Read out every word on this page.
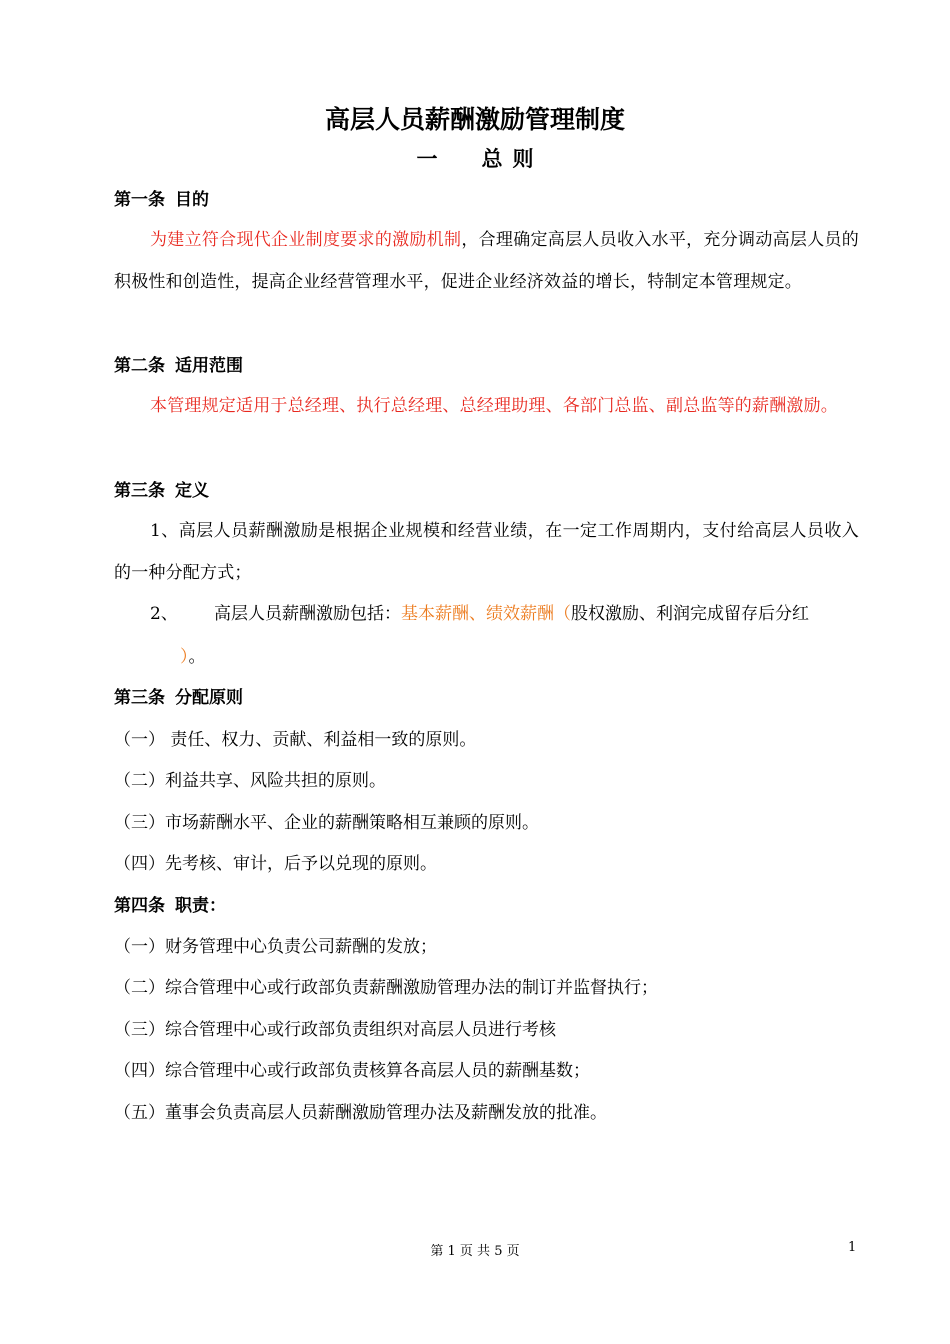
高层人员薪酬激励管理制度
一 总 则
第一条 目的
为建立符合现代企业制度要求的激励机制，合理确定高层人员收入水平，充分调动高层人员的积极性和创造性，提高企业经营管理水平，促进企业经济效益的增长，特制定本管理规定。
第二条 适用范围
本管理规定适用于总经理、执行总经理、总经理助理、各部门总监、副总监等的薪酬激励。
第三条 定义
1、高层人员薪酬激励是根据企业规模和经营业绩，在一定工作周期内，支付给高层人员收入的一种分配方式；
2、 高层人员薪酬激励包括：基本薪酬、绩效薪酬（股权激励、利润完成留存后分红
）。
第三条 分配原则
（一） 责任、权力、贡献、利益相一致的原则。
（二）利益共享、风险共担的原则。
（三）市场薪酬水平、企业的薪酬策略相互兼顾的原则。
（四）先考核、审计，后予以兑现的原则。
第四条 职责：
（一）财务管理中心负责公司薪酬的发放；
（二）综合管理中心或行政部负责薪酬激励管理办法的制订并监督执行；
（三）综合管理中心或行政部负责组织对高层人员进行考核
（四）综合管理中心或行政部负责核算各高层人员的薪酬基数；
（五）董事会负责高层人员薪酬激励管理办法及薪酬发放的批准。
第 1 页 共 5 页	1
